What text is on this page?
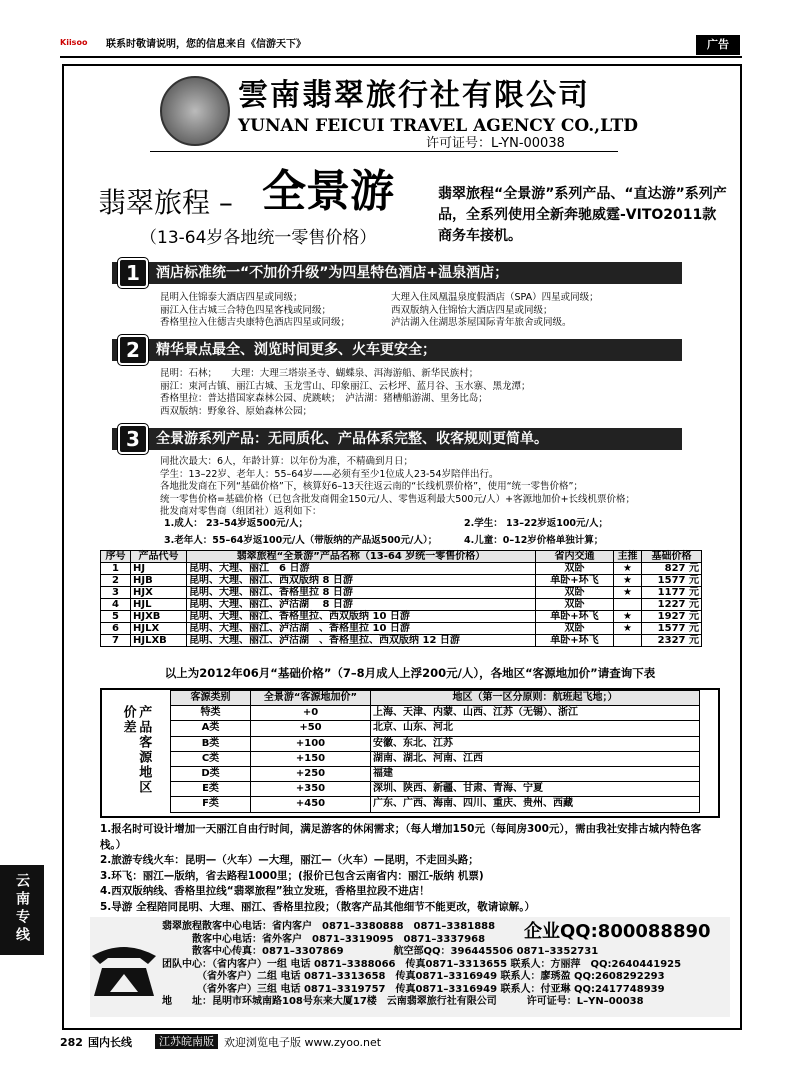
Kiisoo	联系时敬请说明，您的信息来自《信游天下》	广告
雲南翡翠旅行社有限公司
YUNAN FEICUI TRAVEL AGENCY CO.,LTD
许可证号：L-YN-00038
翡翠旅程 – 全景游
（13-64岁各地统一零售价格）
翡翠旅程“全景游”系列产品、“直达游”系列产品，全系列使用全新奔驰威霆-VITO2011款商务车接机。
酒店标准统一“不加价升级”为四星特色酒店+温泉酒店；
1
昆明入住锦泰大酒店四星或同级；	大理入住凤凰温泉度假酒店（SPA）四星或同级；
丽江入住古城三合特色四星客栈或同级；	西双版纳入住锦怡大酒店四星或同级；
香格里拉入住德吉央康特色酒店四星或同级；	泸沽湖入住湖思茶屋国际青年旅舍或同级。
精华景点最全、浏览时间更多、火车更安全；
2
昆明：石林；　　大理：大理三塔崇圣寺、蝴蝶泉、洱海游船、新华民族村；
丽江：束河古镇、丽江古城、玉龙雪山、印象丽江、云杉坪、蓝月谷、玉水寨、黑龙潭；
香格里拉：普达措国家森林公园、虎跳峡；　泸沽湖：猪槽船游湖、里务比岛；
西双版纳：野象谷、原始森林公园；
全景游系列产品：无同质化、产品体系完整、收客规则更简单。
3
同批次最大：6人，年龄计算：以年份为准，不精确到月日；
学生：13–22岁、老年人：55–64岁——必须有至少1位成人23-54岁陪伴出行。
各地批发商在下列“基础价格”下，核算好6–13天往返云南的“长线机票价格”，使用“统一零售价格”；
统一零售价格=基础价格（已包含批发商佣金150元/人、零售返利最大500元/人）+客源地加价+长线机票价格；
批发商对零售商（组团社）返利如下：
1.成人： 23–54岁返500元/人；	2.学生： 13–22岁返100元/人；
3.老年人：55–64岁返100元/人（带版纳的产品返500元/人）；	4.儿童：0–12岁价格单独计算；
序号	产品代号	翡翠旅程“全景游”产品名称（13-64 岁统一零售价格）	省内交通	主推	基础价格
1	HJ	昆明、大理、丽江　6 日游	双卧	★	827 元
2	HJB	昆明、大理、丽江、西双版纳 8 日游	单卧+环飞	★	1577 元
3	HJX	昆明、大理、丽江、香格里拉 8 日游	双卧	★	1177 元
4	HJL	昆明、大理、丽江、泸沽湖　 8 日游	双卧		1227 元
5	HJXB	昆明、大理、丽江、香格里拉、西双版纳 10 日游	单卧+环飞	★	1927 元
6	HJLX	昆明、大理、丽江、泸沽湖　、香格里拉 10 日游	双卧	★	1577 元
7	HJLXB	昆明、大理、丽江、泸沽湖　、香格里拉、西双版纳 12 日游	单卧+环飞		2327 元
以上为2012年06月“基础价格”（7–8月成人上浮200元/人），各地区“客源地加价”请查询下表
产品客源地区价差
客源类别	全景游“客源地加价”	地区（第一区分原则：航班起飞地；）
特类	+0	上海、天津、内蒙、山西、江苏（无锡）、浙江
A类	+50	北京、山东、河北
B类	+100	安徽、东北、江苏
C类	+150	湖南、湖北、河南、江西
D类	+250	福建
E类	+350	深圳、陕西、新疆、甘肃、青海、宁夏
F类	+450	广东、广西、海南、四川、重庆、贵州、西藏
1.报名时可设计增加一天丽江自由行时间，满足游客的休闲需求；（每人增加150元（每间房300元），需由我社安排古城内特色客栈。）
2.旅游专线火车：昆明—（火车）—大理，丽江—（火车）—昆明，不走回头路；
3.环飞：丽江—版纳，省去路程1000里；(报价已包含云南省内：丽江-版纳 机票)
4.西双版纳线、香格里拉线“翡翠旅程”独立发班，香格里拉段不进店！
5.导游 全程陪同昆明、大理、丽江、香格里拉段；（散客产品其他细节不能更改，敬请谅解。）
企业QQ:800088890
翡翠旅程散客中心电话：省内客户　0871–3380888　0871–3381888
　　　散客中心电话：省外客户　0871–3319095　0871–3337968
　　　散客中心传真：0871–3307869　　　　　航空部QQ：396445506 0871–3352731
团队中心：（省内客户）一组 电话 0871–3388066　传真0871–3313655 联系人：方丽萍　QQ:2640441925
　　　　（省外客户）二组 电话 0871–3313658　传真0871–3316949 联系人：廖琇盈 QQ:2608292293
　　　　（省外客户）三组 电话 0871–3319757　传真0871–3316949 联系人：付亚琳 QQ:2417748939
地　　址：昆明市环城南路108号东来大厦17楼　云南翡翠旅行社有限公司　　　许可证号：L–YN–00038
云南专线
282 国内长线	江苏皖南版 欢迎浏览电子版 www.zyoo.net
